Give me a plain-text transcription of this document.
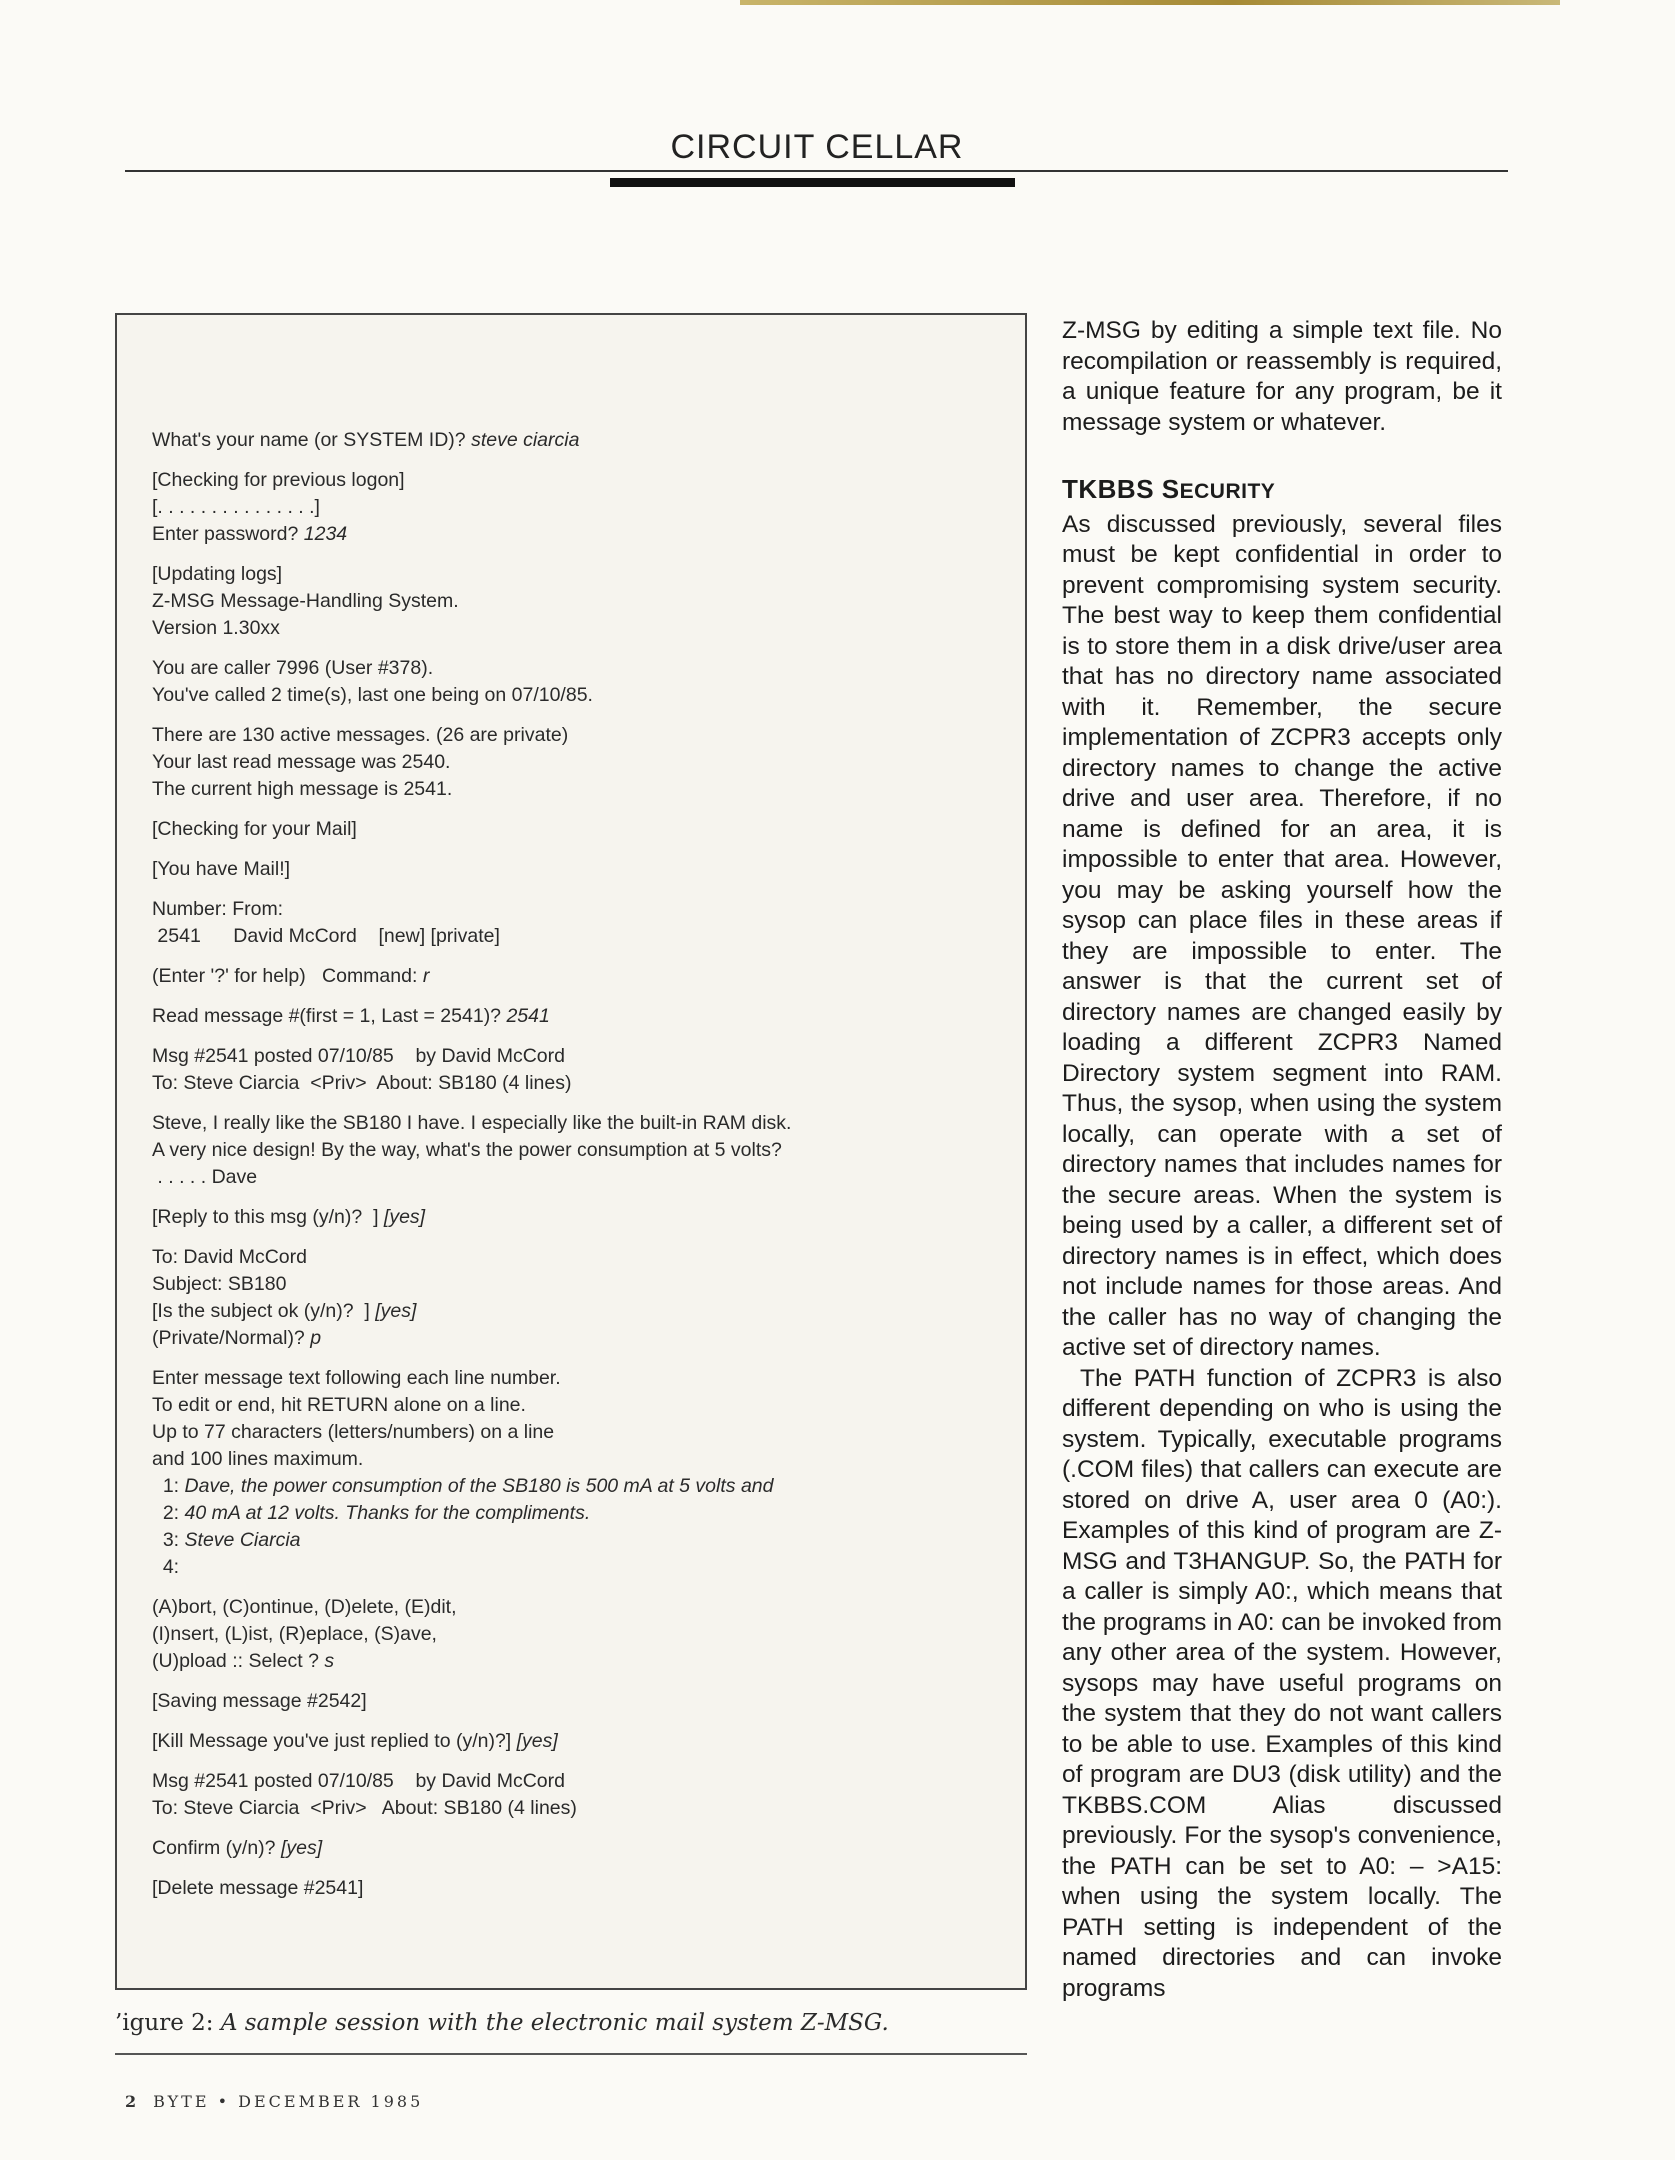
CIRCUIT CELLAR
What's your name (or SYSTEM ID)? steve ciarcia
[Checking for previous logon]
[. . . . . . . . . . . . . . .]
Enter password? 1234
[Updating logs]
Z-MSG Message-Handling System.
Version 1.30xx
You are caller 7996 (User #378).
You've called 2 time(s), last one being on 07/10/85.
There are 130 active messages. (26 are private)
Your last read message was 2540.
The current high message is 2541.
[Checking for your Mail]
[You have Mail!]
Number: From:
2541      David McCord    [new] [private]
(Enter '?' for help)   Command: r
Read message #(first = 1, Last = 2541)? 2541
Msg #2541 posted 07/10/85    by David McCord
To: Steve Ciarcia  <Priv>  About: SB180 (4 lines)
Steve, I really like the SB180 I have. I especially like the built-in RAM disk.
A very nice design! By the way, what's the power consumption at 5 volts?
. . . . . Dave
[Reply to this msg (y/n)?  ] [yes]
To: David McCord
Subject: SB180
[Is the subject ok (y/n)?  ] [yes]
(Private/Normal)? p
Enter message text following each line number.
To edit or end, hit RETURN alone on a line.
Up to 77 characters (letters/numbers) on a line
and 100 lines maximum.
1: Dave, the power consumption of the SB180 is 500 mA at 5 volts and
2: 40 mA at 12 volts. Thanks for the compliments.
3: Steve Ciarcia
4:
(A)bort, (C)ontinue, (D)elete, (E)dit,
(I)nsert, (L)ist, (R)eplace, (S)ave,
(U)pload :: Select ? s
[Saving message #2542]
[Kill Message you've just replied to (y/n)?] [yes]
Msg #2541 posted 07/10/85    by David McCord
To: Steve Ciarcia  <Priv>   About: SB180 (4 lines)
Confirm (y/n)? [yes]
[Delete message #2541]
’igure 2: A sample session with the electronic mail system Z-MSG.

Z-MSG by editing a simple text file. No recompilation or reassembly is required, a unique feature for any program, be it message system or whatever.

TKBBS SECURITY

As discussed previously, several files must be kept confidential in order to prevent compromising system security. The best way to keep them confidential is to store them in a disk drive/user area that has no directory name associated with it. Remember, the secure implementation of ZCPR3 accepts only directory names to change the active drive and user area. Therefore, if no name is defined for an area, it is impossible to enter that area. However, you may be asking yourself how the sysop can place files in these areas if they are impossible to enter. The answer is that the current set of directory names are changed easily by loading a different ZCPR3 Named Directory system segment into RAM. Thus, the sysop, when using the system locally, can operate with a set of directory names that includes names for the secure areas. When the system is being used by a caller, a different set of directory names is in effect, which does not include names for those areas. And the caller has no way of changing the active set of directory names.

The PATH function of ZCPR3 is also different depending on who is using the system. Typically, executable programs (.COM files) that callers can execute are stored on drive A, user area 0 (A0:). Examples of this kind of program are Z-MSG and T3HANGUP. So, the PATH for a caller is simply A0:, which means that the programs in A0: can be invoked from any other area of the system. However, sysops may have useful programs on the system that they do not want callers to be able to use. Examples of this kind of program are DU3 (disk utility) and the TKBBS.COM Alias discussed previously. For the sysop's convenience, the PATH can be set to A0: – >A15: when using the system locally. The PATH setting is independent of the named directories and can invoke programs

2 BYTE • DECEMBER 1985
